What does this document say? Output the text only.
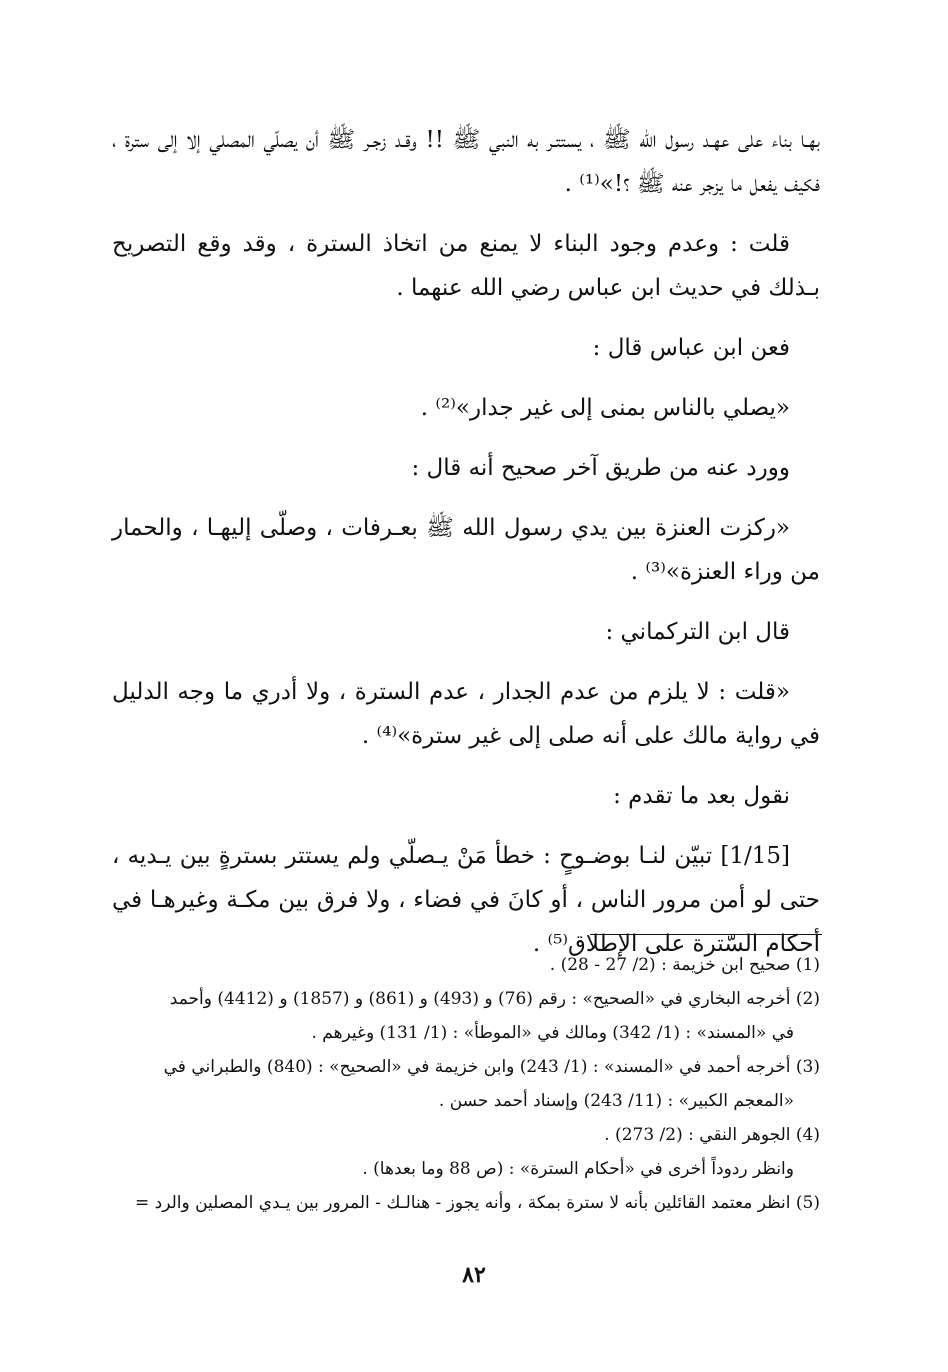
بهـا بناء على عهـد رسول الله ﷺ ، يستتـر به النبي ﷺ !! وقـد زجـر ﷺ أن يصلّي المصلي إلا إلى سترة ، فكيف يفعل ما يزجر عنه ﷺ ؟!»⁽¹⁾ .

قلت : وعدم وجود البناء لا يمنع من اتخاذ السترة ، وقد وقع التصريح بـذلك في حديث ابن عباس رضي الله عنهما .

فعن ابن عباس قال :

«يصلي بالناس بمنى إلى غير جدار»⁽²⁾ .

وورد عنه من طريق آخر صحيح أنه قال :

«ركزت العنزة بين يدي رسول الله ﷺ بعـرفات ، وصلّى إليهـا ، والحمار من وراء العنزة»⁽³⁾ .

قال ابن التركماني :

«قلت : لا يلزم من عدم الجدار ، عدم السترة ، ولا أدري ما وجه الدليل في رواية مالك على أنه صلى إلى غير سترة»⁽⁴⁾ .

نقول بعد ما تقدم :

[1/15] تبيّن لنـا بوضـوحٍ : خطأ مَنْ يـصلّي ولم يستتر بسترةٍ بين يـديه ، حتى لو أمن مرور الناس ، أو كانَ في فضاء ، ولا فرق بين مكـة وغيرهـا في أحكام السّترة على الإطلاق⁽⁵⁾ .

(1) صحيح ابن خزيمة : (2/ 27 - 28) .

(2) أخرجه البخاري في «الصحيح» : رقم (76) و (493) و (861) و (1857) و (4412) وأحمد

في «المسند» : (1/ 342) ومالك في «الموطأ» : (1/ 131) وغيرهم .

(3) أخرجه أحمد في «المسند» : (1/ 243) وابن خزيمة في «الصحيح» : (840) والطبراني في

«المعجم الكبير» : (11/ 243) وإسناد أحمد حسن .

(4) الجوهر النقي : (2/ 273) .

وانظر ردوداً أخرى في «أحكام السترة» : (ص 88 وما بعدها) .

(5) انظر معتمد القائلين بأنه لا سترة بمكة ، وأنه يجوز - هنالـك - المرور بين يـدي المصلين والرد =

٨٢
